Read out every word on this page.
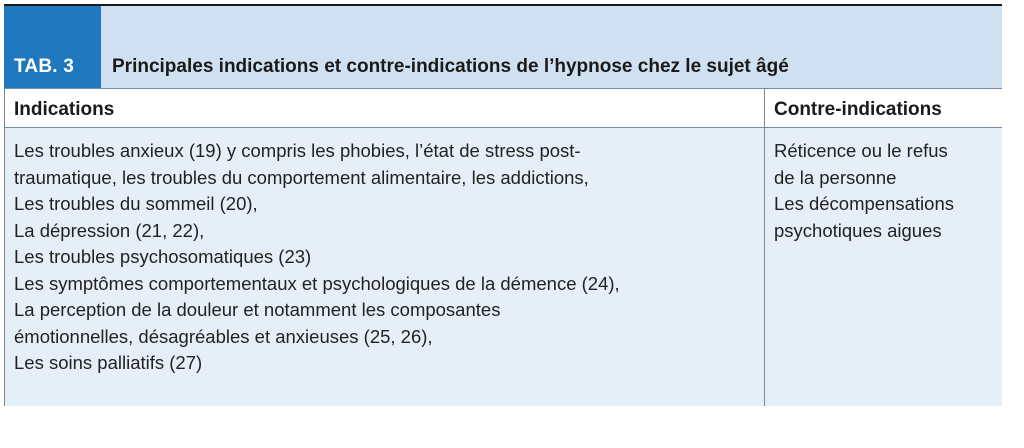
TAB. 3	Principales indications et contre-indications de l’hypnose chez le sujet âgé
Indications	Contre-indications
Les troubles anxieux (19) y compris les phobies, l’état de stress post-
traumatique, les troubles du comportement alimentaire, les addictions,
Les troubles du sommeil (20),
La dépression (21, 22),
Les troubles psychosomatiques (23)
Les symptômes comportementaux et psychologiques de la démence (24),
La perception de la douleur et notamment les composantes
émotionnelles, désagréables et anxieuses (25, 26),
Les soins palliatifs (27)
Réticence ou le refus
de la personne
Les décompensations
psychotiques aigues
